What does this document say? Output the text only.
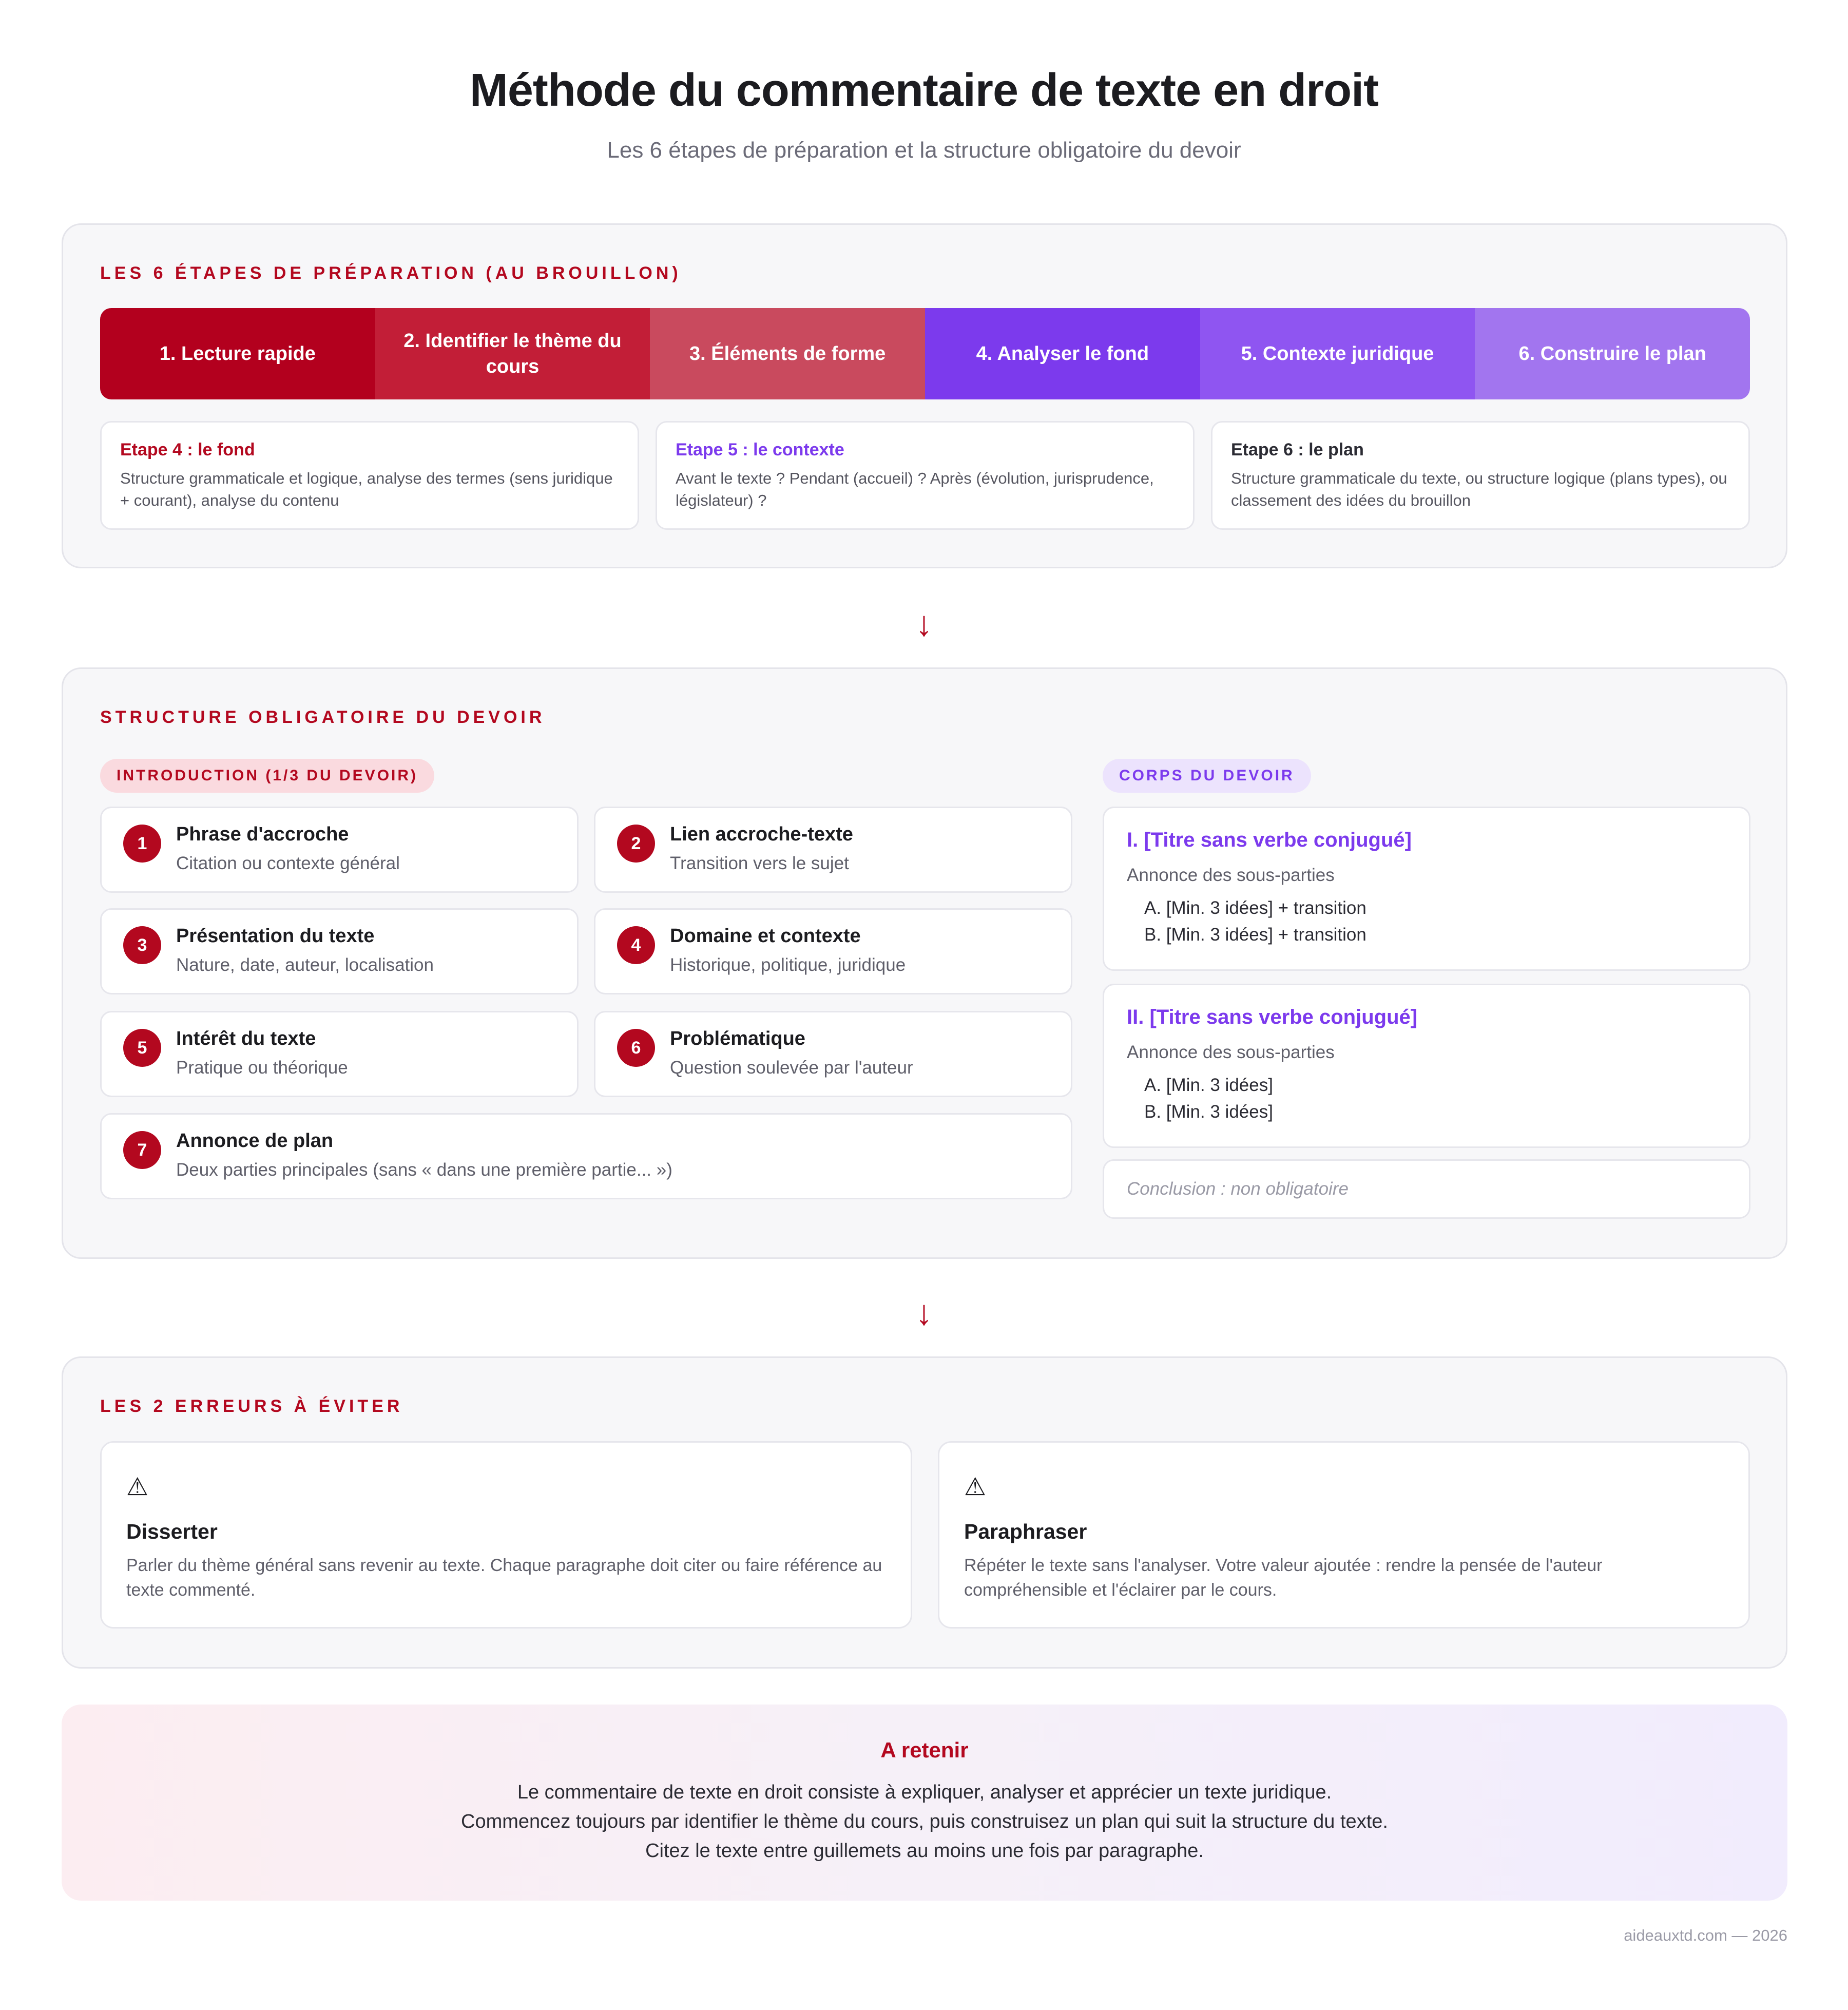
Méthode du commentaire de texte en droit
Les 6 étapes de préparation et la structure obligatoire du devoir
LES 6 ÉTAPES DE PRÉPARATION (AU BROUILLON)
1. Lecture rapide
2. Identifier le thème du cours
3. Éléments de forme	4. Analyser le fond	5. Contexte juridique	6. Construire le plan
Etape 4 : le fond
Structure grammaticale et logique, analyse des termes (sens juridique + courant), analyse du contenu
Etape 5 : le contexte
Avant le texte ? Pendant (accueil) ? Après (évolution, jurisprudence, législateur) ?
Etape 6 : le plan
Structure grammaticale du texte, ou structure logique (plans types), ou classement des idées du brouillon
↓
STRUCTURE OBLIGATOIRE DU DEVOIR
INTRODUCTION (1/3 DU DEVOIR)	CORPS DU DEVOIR
1	Phrase d'accroche
Citation ou contexte général
2	Lien accroche-texte
Transition vers le sujet
3	Présentation du texte
Nature, date, auteur, localisation
4	Domaine et contexte
Historique, politique, juridique
5	Intérêt du texte
Pratique ou théorique
6	Problématique
Question soulevée par l'auteur
7	Annonce de plan
Deux parties principales (sans « dans une première partie... »)
I. [Titre sans verbe conjugué]
Annonce des sous-parties
A. [Min. 3 idées] + transition
B. [Min. 3 idées] + transition
II. [Titre sans verbe conjugué]
Annonce des sous-parties
A. [Min. 3 idées]
B. [Min. 3 idées]
Conclusion : non obligatoire
↓
LES 2 ERREURS À ÉVITER
⚠
Disserter
Parler du thème général sans revenir au texte. Chaque paragraphe doit citer ou faire référence au texte commenté.
⚠
Paraphraser
Répéter le texte sans l'analyser. Votre valeur ajoutée : rendre la pensée de l'auteur compréhensible et l'éclairer par le cours.
A retenir
Le commentaire de texte en droit consiste à expliquer, analyser et apprécier un texte juridique.
Commencez toujours par identifier le thème du cours, puis construisez un plan qui suit la structure du texte.
Citez le texte entre guillemets au moins une fois par paragraphe.
aideauxtd.com — 2026
